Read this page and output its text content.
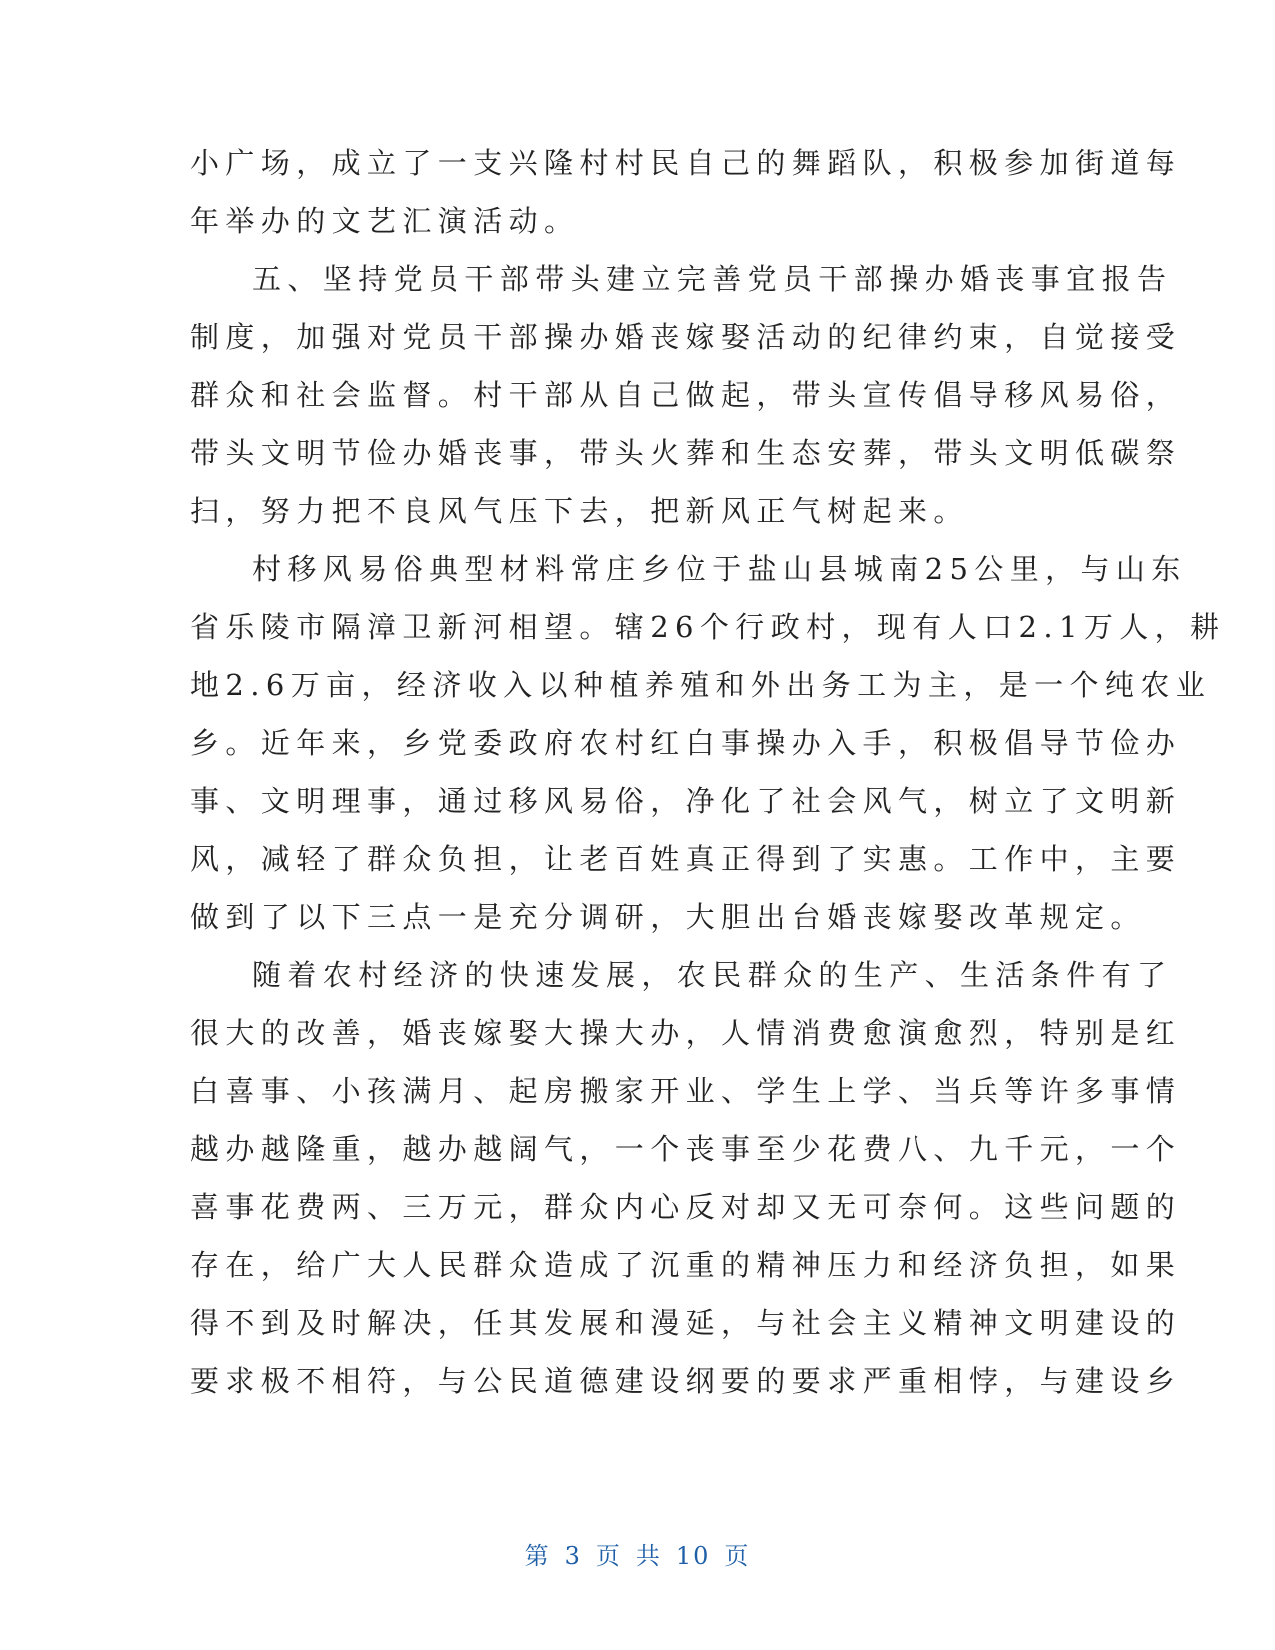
小广场，成立了一支兴隆村村民自己的舞蹈队，积极参加街道每
年举办的文艺汇演活动。
五、坚持党员干部带头建立完善党员干部操办婚丧事宜报告
制度，加强对党员干部操办婚丧嫁娶活动的纪律约束，自觉接受
群众和社会监督。村干部从自己做起，带头宣传倡导移风易俗，
带头文明节俭办婚丧事，带头火葬和生态安葬，带头文明低碳祭
扫，努力把不良风气压下去，把新风正气树起来。
村移风易俗典型材料常庄乡位于盐山县城南25公里，与山东
省乐陵市隔漳卫新河相望。辖26个行政村，现有人口2.1万人，耕
地2.6万亩，经济收入以种植养殖和外出务工为主，是一个纯农业
乡。近年来，乡党委政府农村红白事操办入手，积极倡导节俭办
事、文明理事，通过移风易俗，净化了社会风气，树立了文明新
风，减轻了群众负担，让老百姓真正得到了实惠。工作中，主要
做到了以下三点一是充分调研，大胆出台婚丧嫁娶改革规定。
随着农村经济的快速发展，农民群众的生产、生活条件有了
很大的改善，婚丧嫁娶大操大办，人情消费愈演愈烈，特别是红
白喜事、小孩满月、起房搬家开业、学生上学、当兵等许多事情
越办越隆重，越办越阔气，一个丧事至少花费八、九千元，一个
喜事花费两、三万元，群众内心反对却又无可奈何。这些问题的
存在，给广大人民群众造成了沉重的精神压力和经济负担，如果
得不到及时解决，任其发展和漫延，与社会主义精神文明建设的
要求极不相符，与公民道德建设纲要的要求严重相悖，与建设乡
第 3 页 共 10 页
